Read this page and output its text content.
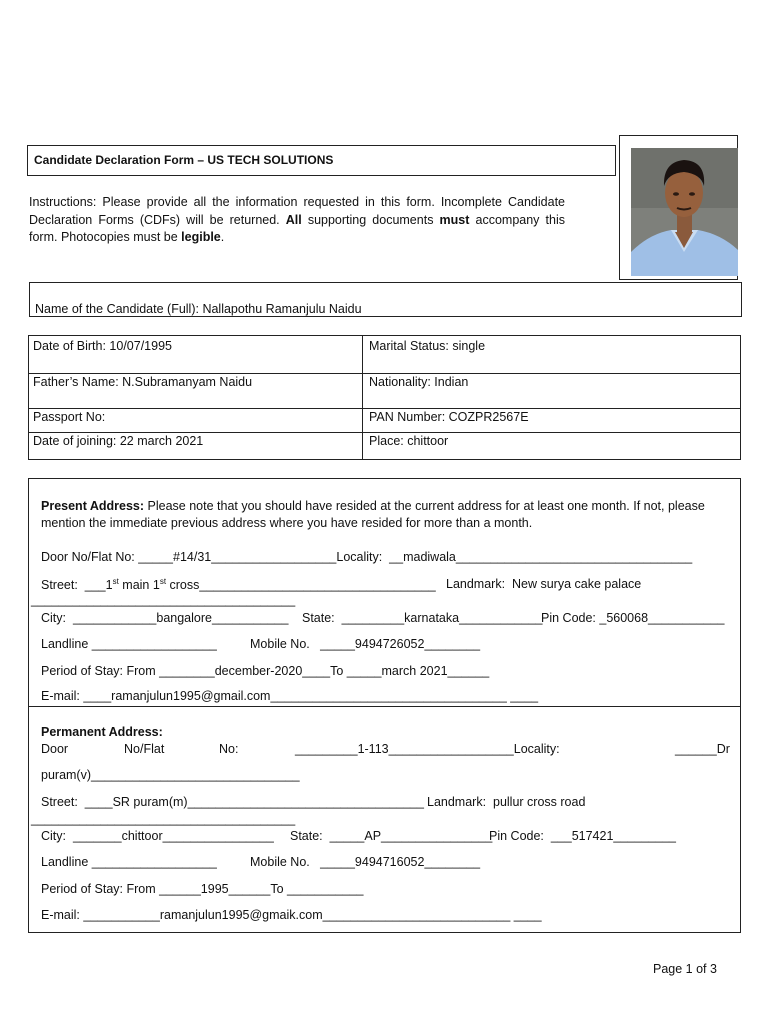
Candidate Declaration Form – US TECH SOLUTIONS
Instructions: Please provide all the information requested in this form. Incomplete Candidate Declaration Forms (CDFs) will be returned. All supporting documents must accompany this form. Photocopies must be legible.
Name of the Candidate (Full): Nallapothu Ramanjulu Naidu
Date of Birth: 10/07/1995	Marital Status: single
Father’s Name: N.Subramanyam Naidu	Nationality: Indian
Passport No:	PAN Number: COZPR2567E
Date of joining: 22 march 2021	Place: chittoor
Present Address: Please note that you should have resided at the current address for at least one month. If not, please
mention the immediate previous address where you have resided for more than a month.
Door No/Flat No: _____#14/31__________________Locality:  __madiwala__________________________________
Street:  ___1st main 1st cross__________________________________ Landmark:  New surya cake palace
______________________________________
City:  ____________bangalore___________ State:  _________karnataka____________
Pin Code: _560068___________
Landline __________________	Mobile No.   _____9494726052________
Period of Stay: From ________december-2020____To _____march 2021______
E-mail: ____ramanjulun1995@gmail.com__________________________________ ____
Permanent Address:
Door	No/Flat	No:	_________1-113__________________Locality:	______Dr
puram(v)______________________________
Street:  ____SR puram(m)__________________________________ Landmark:  pullur cross road
______________________________________
City:  _______chittoor________________ State:  _____AP________________
Pin Code:  ___517421_________
Landline __________________	Mobile No.   _____9494716052________
Period of Stay: From ______1995______To ___________
E-mail: ___________ramanjulun1995@gmaik.com___________________________ ____
Page 1 of 3
